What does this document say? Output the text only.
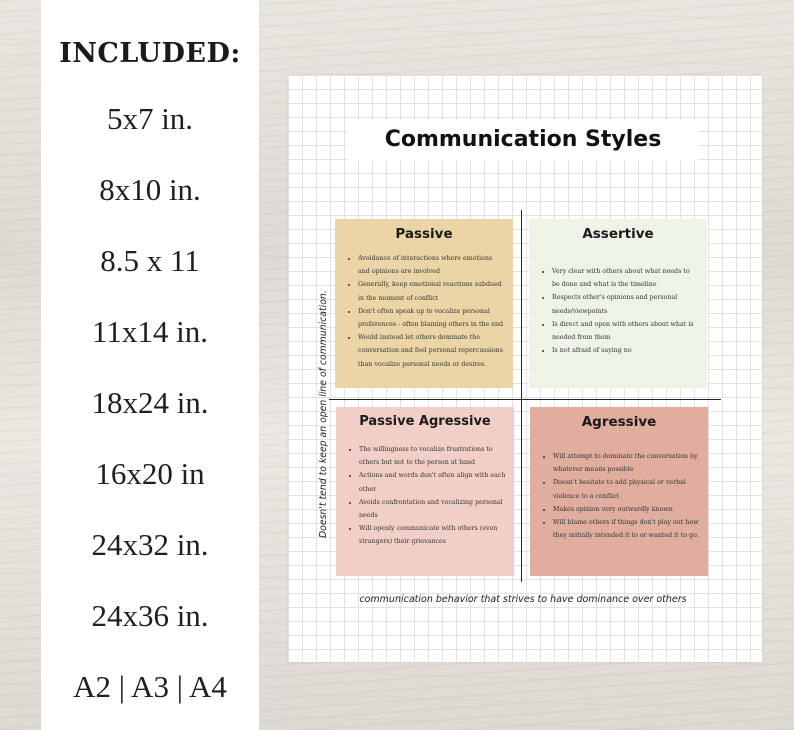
INCLUDED:
5x7 in.
8x10 in.
8.5 x 11
11x14 in.
18x24 in.
16x20 in
24x32 in.
24x36 in.
A2 | A3 | A4
Communication Styles
Doesn't tend to keep an open line of communication.
communication behavior that strives to have dominance over others
Passive
• Avoidance of interactions where emotions and opinions are involved
• Generally, keep emotional reactions subdued in the moment of conflict
• Don't often speak up to vocalize personal preferences - often blaming others in the end
• Would instead let others dominate the conversation and feel personal repercussions than vocalize personal needs or desires.
Assertive
• Very clear with others about what needs to be done and what is the timeline
• Respects other's opinions and personal needs/viewpoints
• Is direct and open with others about what is needed from them
• Is not afraid of saying no
Passive Agressive
• The willingness to vocalize frustrations to others but not to the person at hand
• Actions and words don't often align with each other
• Avoids confrontation and vocalizing personal needs
• Will openly communicate with others (even strangers) their grievances
Agressive
• Will attempt to dominate the conversation by whatever means possible
• Doesn't hesitate to add physical or verbal violence to a conflict
• Makes opinion very outwardly known
• Will blame others if things don't play out how they initially intended it to or wanted it to go.
